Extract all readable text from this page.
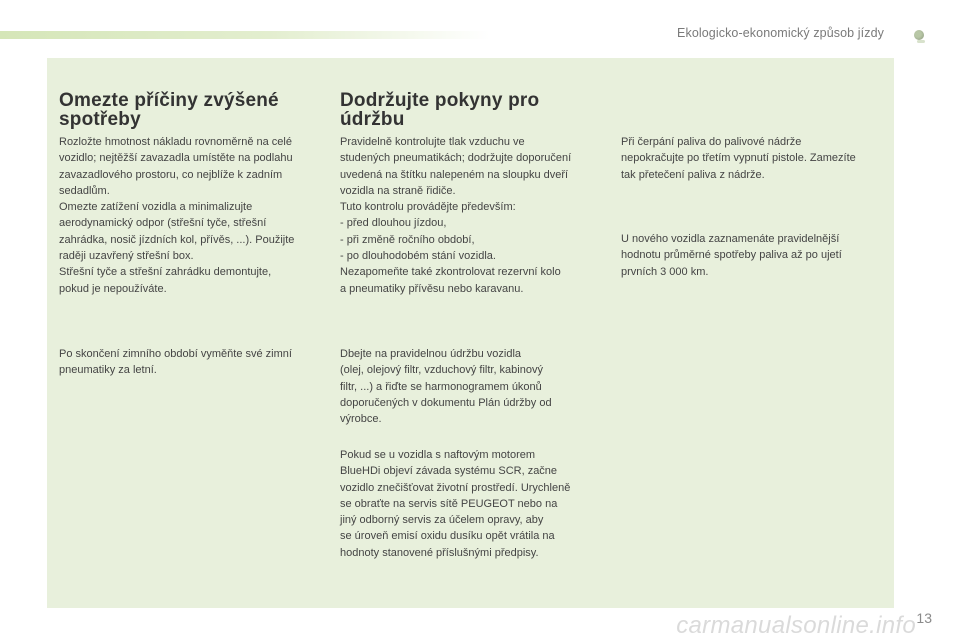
Ekologicko-ekonomický způsob jízdy
Omezte příčiny zvýšené
spotřeby
Rozložte hmotnost nákladu rovnoměrně na celé
vozidlo; nejtěžší zavazadla umístěte na podlahu
zavazadlového prostoru, co nejblíže k zadním
sedadlům.
Omezte zatížení vozidla a minimalizujte
aerodynamický odpor (střešní tyče, střešní
zahrádka, nosič jízdních kol, přívěs, ...). Použijte
raději uzavřený střešní box.
Střešní tyče a střešní zahrádku demontujte,
pokud je nepoužíváte.
Po skončení zimního období vyměňte své zimní
pneumatiky za letní.
Dodržujte pokyny pro
údržbu
Pravidelně kontrolujte tlak vzduchu ve
studených pneumatikách; dodržujte doporučení
uvedená na štítku nalepeném na sloupku dveří
vozidla na straně řidiče.
Tuto kontrolu provádějte především:
- před dlouhou jízdou,
- při změně ročního období,
- po dlouhodobém stání vozidla.
Nezapomeňte také zkontrolovat rezervní kolo
a pneumatiky přívěsu nebo karavanu.
Dbejte na pravidelnou údržbu vozidla
(olej, olejový filtr, vzduchový filtr, kabinový
filtr, ...) a řiďte se harmonogramem úkonů
doporučených v dokumentu Plán údržby od
výrobce.
Pokud se u vozidla s naftovým motorem
BlueHDi objeví závada systému SCR, začne
vozidlo znečišťovat životní prostředí. Urychleně
se obraťte na servis sítě PEUGEOT nebo na
jiný odborný servis za účelem opravy, aby
se úroveň emisí oxidu dusíku opět vrátila na
hodnoty stanovené příslušnými předpisy.
Při čerpání paliva do palivové nádrže
nepokračujte po třetím vypnutí pistole. Zamezíte
tak přetečení paliva z nádrže.
U nového vozidla zaznamenáte pravidelnější
hodnotu průměrné spotřeby paliva až po ujetí
prvních 3 000 km.
13
carmanualsonline.info
